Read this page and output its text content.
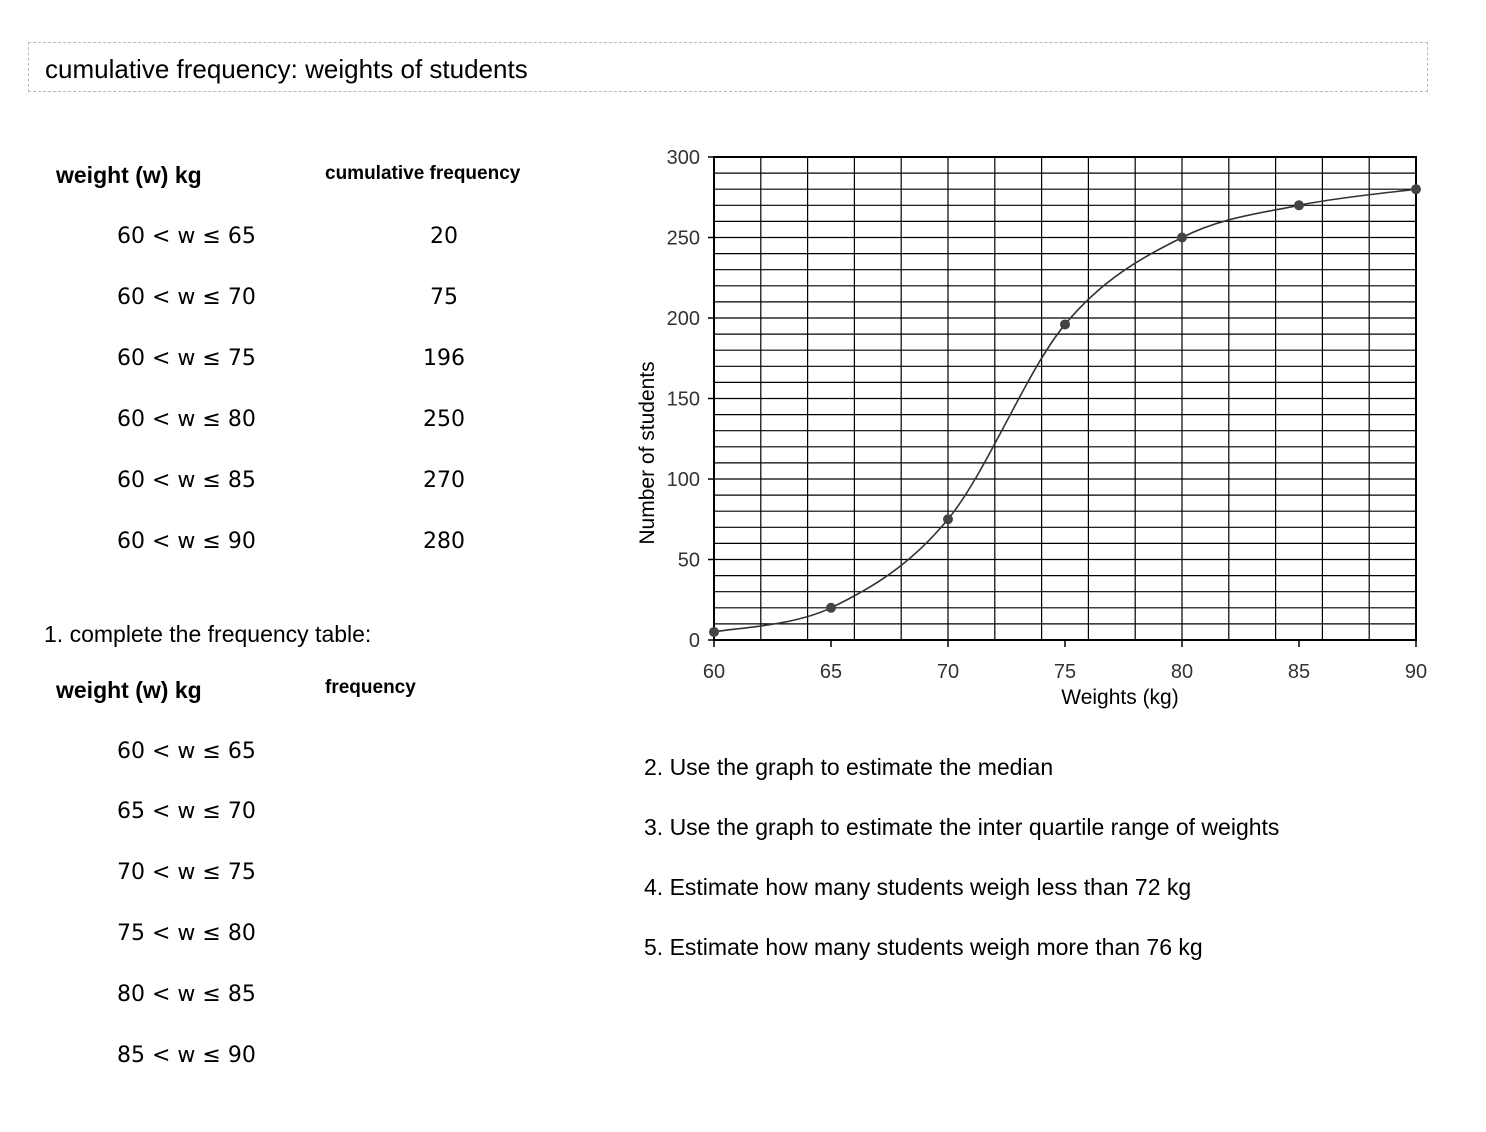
cumulative frequency: weights of students
weight (w) kg	cumulative frequency
60 < w ≤ 65	20
60 < w ≤ 70	75
60 < w ≤ 75	196
60 < w ≤ 80	250
60 < w ≤ 85	270
60 < w ≤ 90	280
1. complete the frequency table:
weight (w) kg	frequency
60 < w ≤ 65
65 < w ≤ 70
70 < w ≤ 75
75 < w ≤ 80
80 < w ≤ 85
85 < w ≤ 90
2. Use the graph to estimate the median
3. Use the graph to estimate the inter quartile range of weights
4. Estimate how many students weigh less than 72 kg
5. Estimate how many students weigh more than 76 kg
60	65	70	75	80	85	90
0
50
100
150
200
250
300
Weights (kg)
Number of students
